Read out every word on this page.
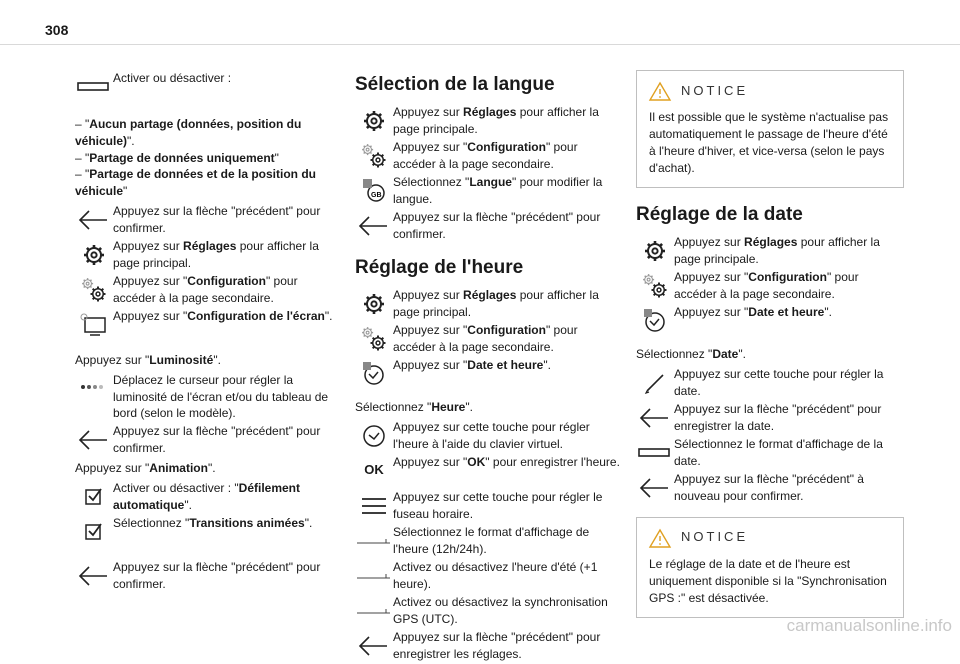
308
Activer ou désactiver :
– "Aucun partage (données, position du véhicule)".
– "Partage de données uniquement"
– "Partage de données et de la position du véhicule"
Appuyez sur la flèche "précédent" pour confirmer.
Appuyez sur Réglages pour afficher la page principal.
Appuyez sur "Configuration" pour accéder à la page secondaire.
Appuyez sur "Configuration de l'écran".
Appuyez sur "Luminosité".
Déplacez le curseur pour régler la luminosité de l'écran et/ou du tableau de bord (selon le modèle).
Appuyez sur la flèche "précédent" pour confirmer.
Appuyez sur "Animation".
Activer ou désactiver : "Défilement automatique".
Sélectionnez "Transitions animées".
Appuyez sur la flèche "précédent" pour confirmer.
Sélection de la langue
Appuyez sur Réglages pour afficher la page principale.
Appuyez sur "Configuration" pour accéder à la page secondaire.
GB
Sélectionnez "Langue" pour modifier la langue.
Appuyez sur la flèche "précédent" pour confirmer.
Réglage de l'heure
Appuyez sur Réglages pour afficher la page principal.
Appuyez sur "Configuration" pour accéder à la page secondaire.
Appuyez sur "Date et heure".
Sélectionnez "Heure".
Appuyez sur cette touche pour régler l'heure à l'aide du clavier virtuel.
OK
Appuyez sur "OK" pour enregistrer l'heure.
Appuyez sur cette touche pour régler le fuseau horaire.
Sélectionnez le format d'affichage de l'heure (12h/24h).
Activez ou désactivez l'heure d'été (+1 heure).
Activez ou désactivez la synchronisation GPS (UTC).
Appuyez sur la flèche "précédent" pour enregistrer les réglages.
NOTICE

Il est possible que le système n'actualise pas automatiquement le passage de l'heure d'été à l'heure d'hiver, et vice-versa (selon le pays d'achat).

Réglage de la date
Appuyez sur Réglages pour afficher la page principale.
Appuyez sur "Configuration" pour accéder à la page secondaire.
Appuyez sur "Date et heure".
Sélectionnez "Date".
Appuyez sur cette touche pour régler la date.
Appuyez sur la flèche "précédent" pour enregistrer la date.
Sélectionnez le format d'affichage de la date.
Appuyez sur la flèche "précédent" à nouveau pour confirmer.
NOTICE

Le réglage de la date et de l'heure est uniquement disponible si la "Synchronisation GPS :" est désactivée.

carmanualsonline.info
